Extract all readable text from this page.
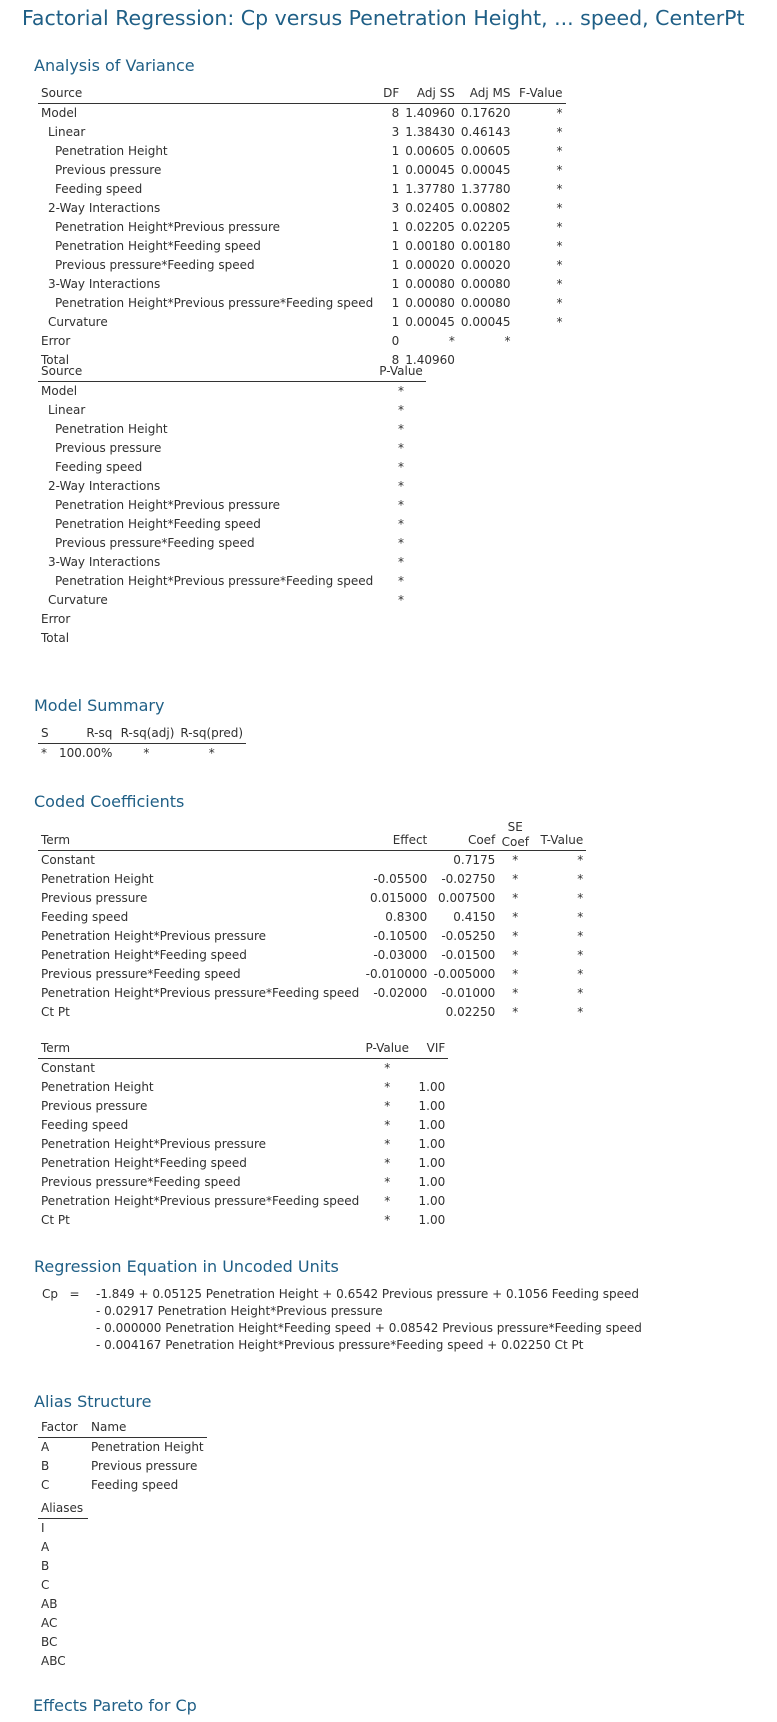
Factorial Regression: Cp versus Penetration Height, ... speed, CenterPt
Analysis of Variance
Source	DF	Adj SS	Adj MS	F-Value
Model	8	1.40960	0.17620	*
Linear	3	1.38430	0.46143	*
Penetration Height	1	0.00605	0.00605	*
Previous pressure	1	0.00045	0.00045	*
Feeding speed	1	1.37780	1.37780	*
2-Way Interactions	3	0.02405	0.00802	*
Penetration Height*Previous pressure	1	0.02205	0.02205	*
Penetration Height*Feeding speed	1	0.00180	0.00180	*
Previous pressure*Feeding speed	1	0.00020	0.00020	*
3-Way Interactions	1	0.00080	0.00080	*
Penetration Height*Previous pressure*Feeding speed	1	0.00080	0.00080	*
Curvature	1	0.00045	0.00045	*
Error	0	*	*	
Total	8	1.40960		
Source	P-Value
Model	*
Linear	*
Penetration Height	*
Previous pressure	*
Feeding speed	*
2-Way Interactions	*
Penetration Height*Previous pressure	*
Penetration Height*Feeding speed	*
Previous pressure*Feeding speed	*
3-Way Interactions	*
Penetration Height*Previous pressure*Feeding speed	*
Curvature	*
Error	
Total	
Model Summary
S	R-sq	R-sq(adj)	R-sq(pred)
*	100.00%	*	*
Coded Coefficients
Term	Effect	Coef	SE
Coef	T-Value
Constant		0.7175	*	*
Penetration Height	-0.05500	-0.02750	*	*
Previous pressure	0.015000	0.007500	*	*
Feeding speed	0.8300	0.4150	*	*
Penetration Height*Previous pressure	-0.10500	-0.05250	*	*
Penetration Height*Feeding speed	-0.03000	-0.01500	*	*
Previous pressure*Feeding speed	-0.010000	-0.005000	*	*
Penetration Height*Previous pressure*Feeding speed	-0.02000	-0.01000	*	*
Ct Pt		0.02250	*	*
Term	P-Value	VIF
Constant	*	
Penetration Height	*	1.00
Previous pressure	*	1.00
Feeding speed	*	1.00
Penetration Height*Previous pressure	*	1.00
Penetration Height*Feeding speed	*	1.00
Previous pressure*Feeding speed	*	1.00
Penetration Height*Previous pressure*Feeding speed	*	1.00
Ct Pt	*	1.00
Regression Equation in Uncoded Units
Cp   = -1.849 + 0.05125 Penetration Height + 0.6542 Previous pressure + 0.1056 Feeding speed
- 0.02917 Penetration Height*Previous pressure
- 0.000000 Penetration Height*Feeding speed + 0.08542 Previous pressure*Feeding speed
- 0.004167 Penetration Height*Previous pressure*Feeding speed + 0.02250 Ct Pt
Alias Structure
Factor	Name
A	Penetration Height
B	Previous pressure
C	Feeding speed
Aliases
I
A
B
C
AB
AC
BC
ABC
Effects Pareto for Cp
